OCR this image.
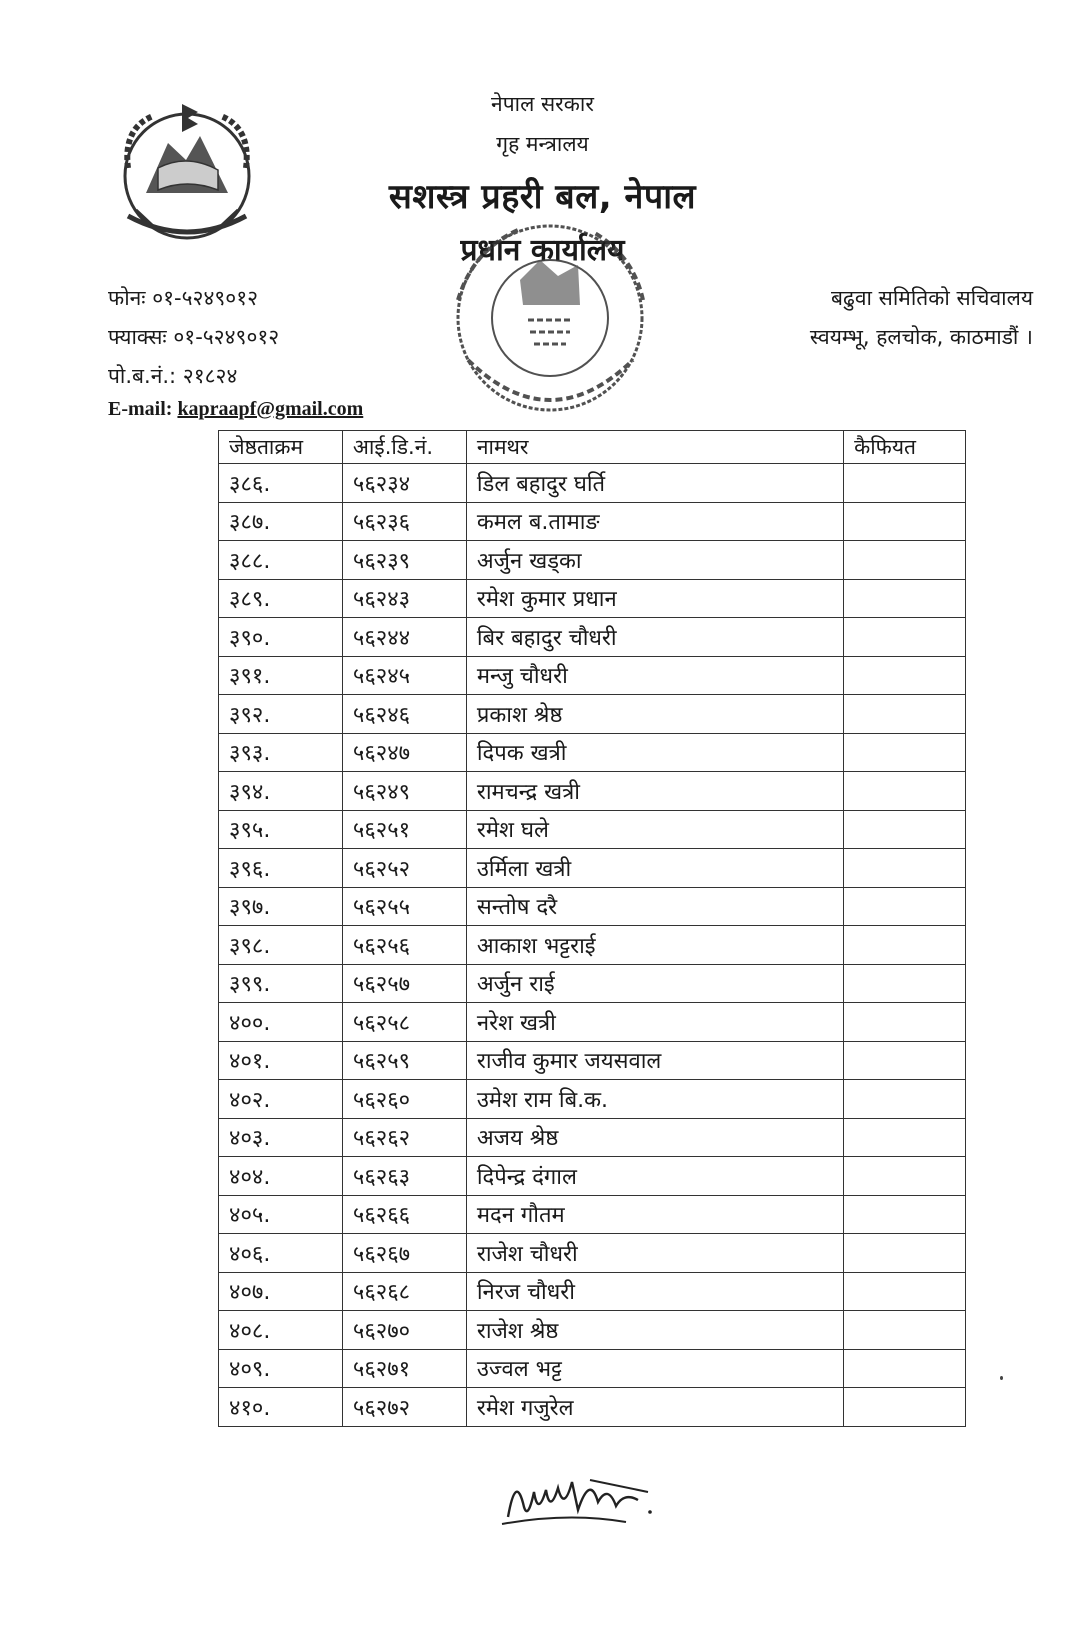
नेपाल सरकार
गृह मन्त्रालय
सशस्त्र प्रहरी बल, नेपाल
प्रधान कार्यालय
फोनः ०१-५२४९०१२
फ्याक्सः ०१-५२४९०१२
पो.ब.नं.: २१८२४
E-mail: kapraapf@gmail.com
बढुवा समितिको सचिवालय
स्वयम्भू, हलचोक, काठमाडौं ।
जेष्ठताक्रम	आई.डि.नं.	नामथर	कैफियत
३८६.	५६२३४	डिल बहादुर घर्ति	
३८७.	५६२३६	कमल ब.तामाङ	
३८८.	५६२३९	अर्जुन खड्का	
३८९.	५६२४३	रमेश कुमार प्रधान	
३९०.	५६२४४	बिर बहादुर चौधरी	
३९१.	५६२४५	मन्जु चौधरी	
३९२.	५६२४६	प्रकाश श्रेष्ठ	
३९३.	५६२४७	दिपक खत्री	
३९४.	५६२४९	रामचन्द्र खत्री	
३९५.	५६२५१	रमेश घले	
३९६.	५६२५२	उर्मिला खत्री	
३९७.	५६२५५	सन्तोष दरै	
३९८.	५६२५६	आकाश भट्टराई	
३९९.	५६२५७	अर्जुन राई	
४००.	५६२५८	नरेश खत्री	
४०१.	५६२५९	राजीव कुमार जयसवाल	
४०२.	५६२६०	उमेश राम बि.क.	
४०३.	५६२६२	अजय श्रेष्ठ	
४०४.	५६२६३	दिपेन्द्र दंगाल	
४०५.	५६२६६	मदन गौतम	
४०६.	५६२६७	राजेश चौधरी	
४०७.	५६२६८	निरज चौधरी	
४०८.	५६२७०	राजेश श्रेष्ठ	
४०९.	५६२७१	उज्वल भट्ट	
४१०.	५६२७२	रमेश गजुरेल	
